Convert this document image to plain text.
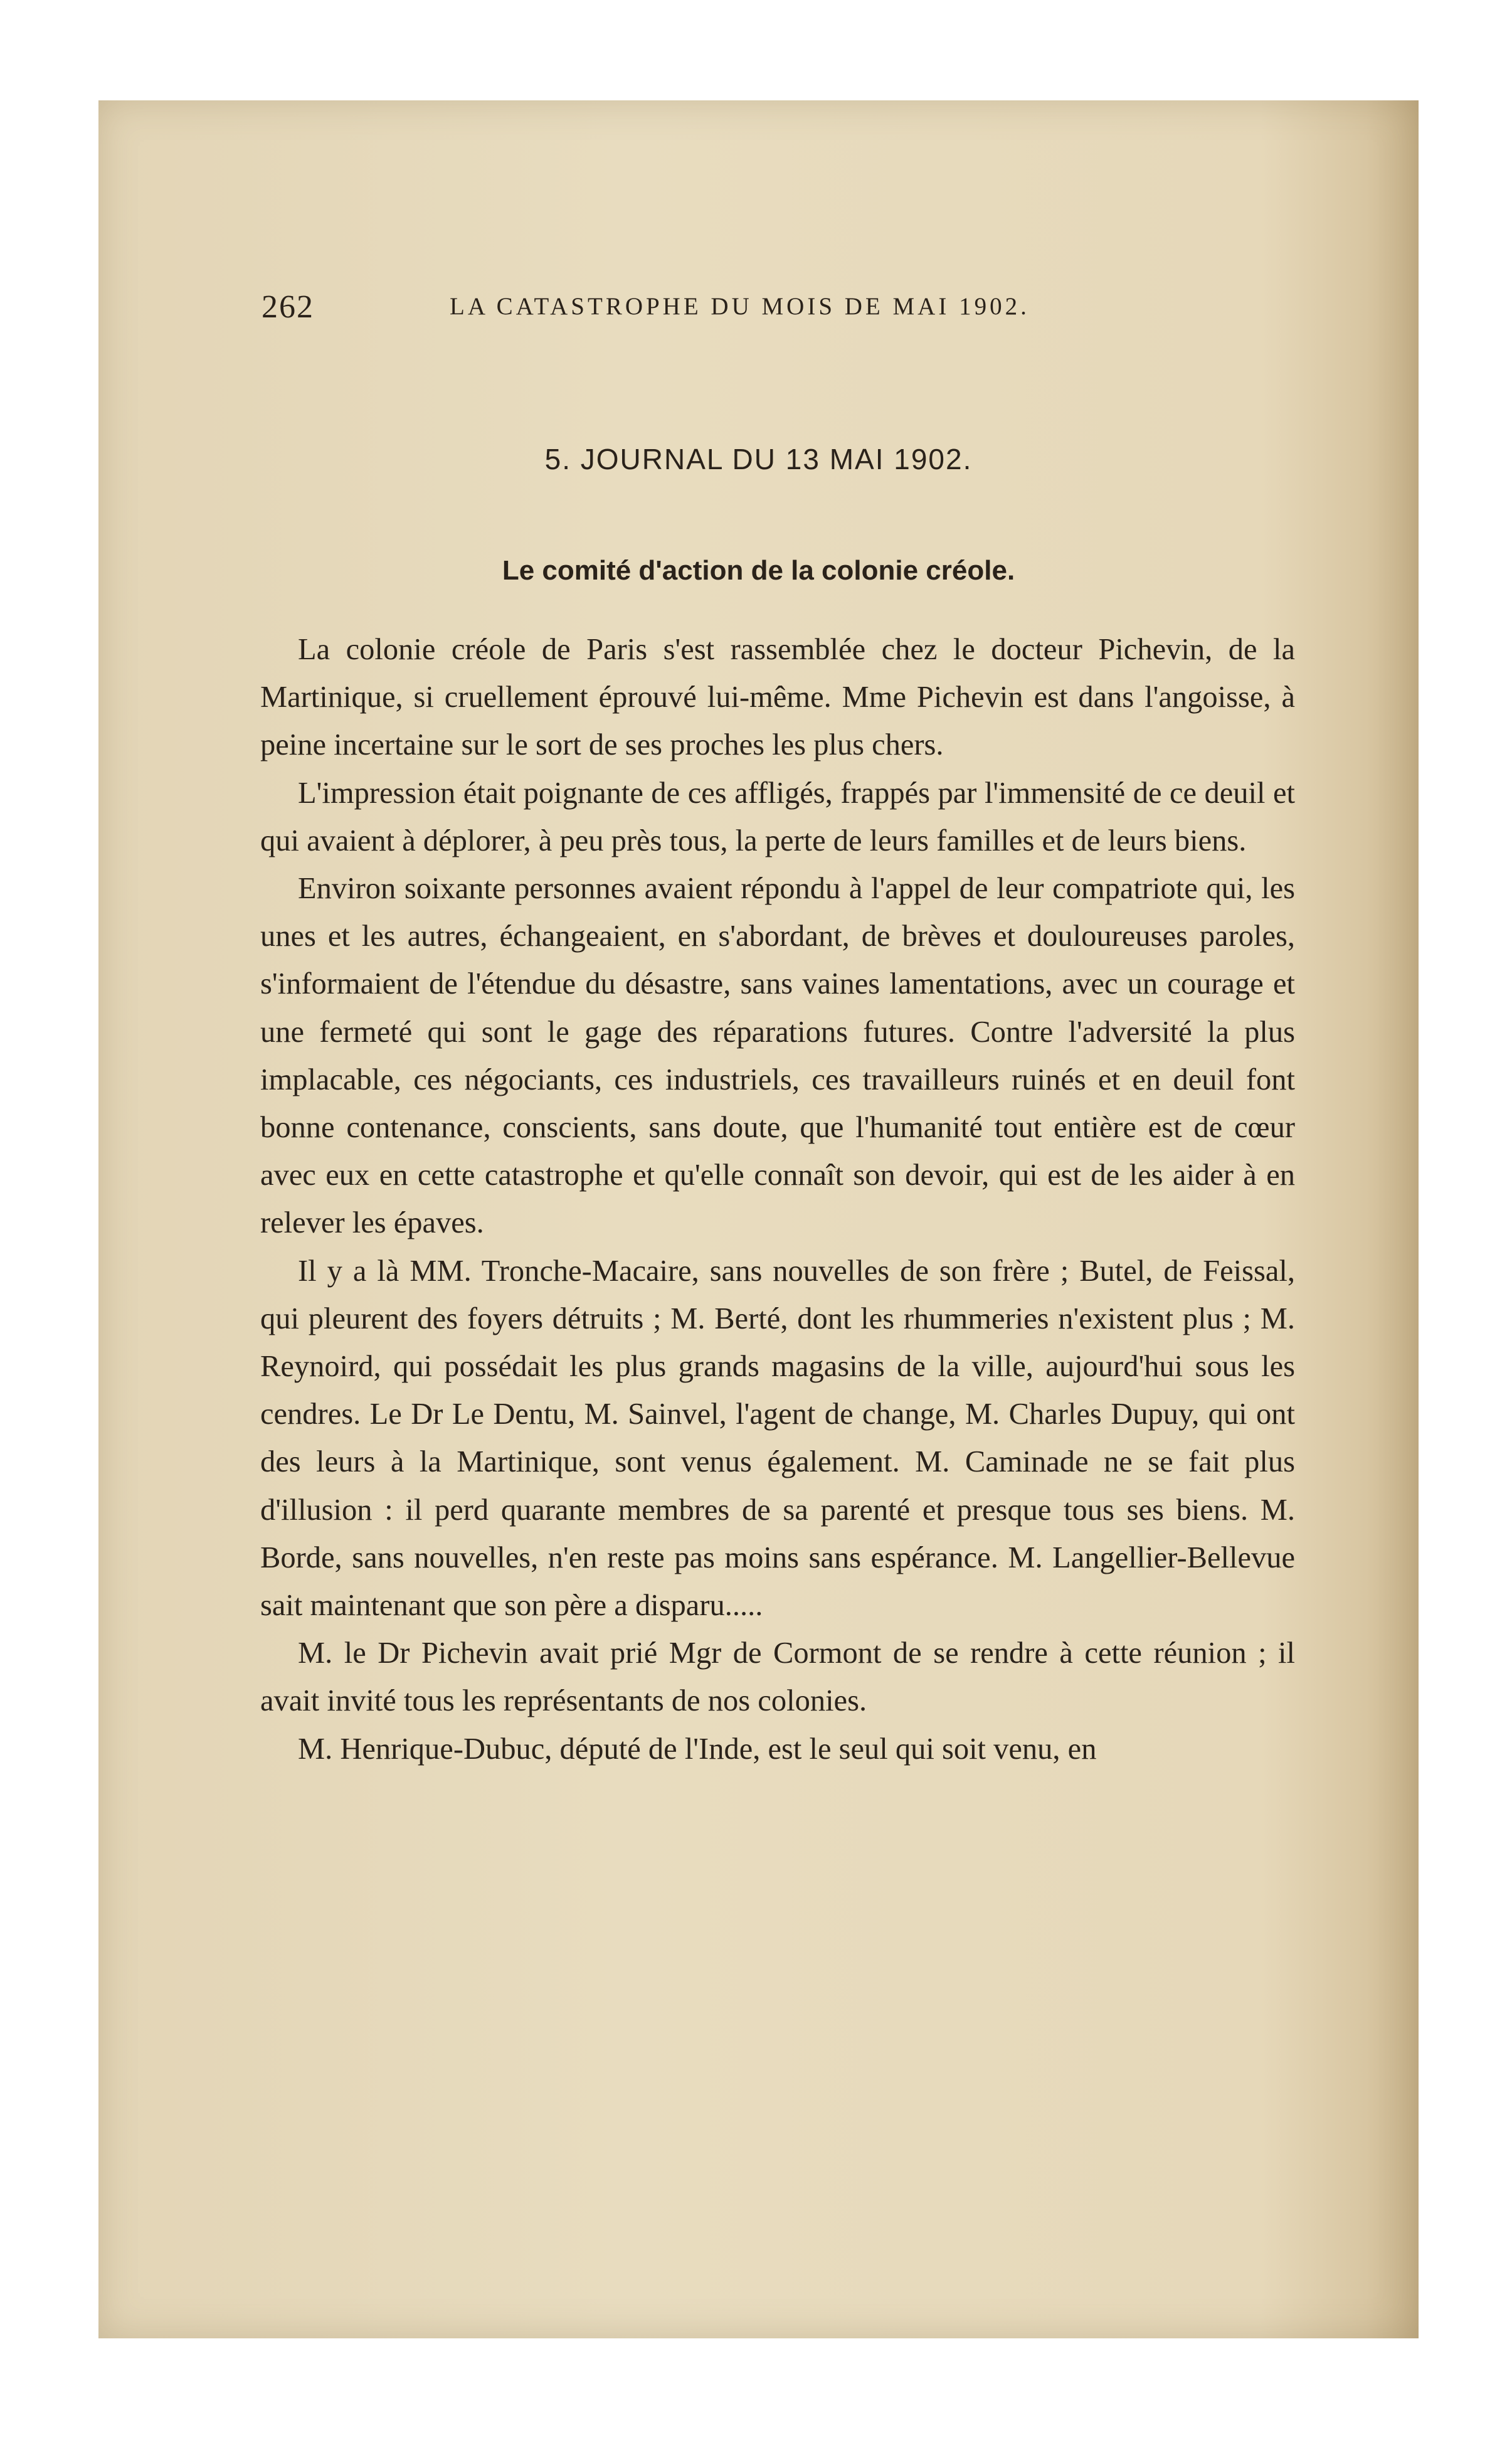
262	LA CATASTROPHE DU MOIS DE MAI 1902.
5. JOURNAL DU 13 MAI 1902.
Le comité d'action de la colonie créole.

La colonie créole de Paris s'est rassemblée chez le docteur Pichevin, de la Martinique, si cruellement éprouvé lui-même. Mme Pichevin est dans l'angoisse, à peine incertaine sur le sort de ses proches les plus chers.

L'impression était poignante de ces affligés, frappés par l'immensité de ce deuil et qui avaient à déplorer, à peu près tous, la perte de leurs familles et de leurs biens.

Environ soixante personnes avaient répondu à l'appel de leur compatriote qui, les unes et les autres, échangeaient, en s'abordant, de brèves et douloureuses paroles, s'informaient de l'étendue du désastre, sans vaines lamentations, avec un courage et une fermeté qui sont le gage des réparations futures. Contre l'adversité la plus implacable, ces négociants, ces industriels, ces travailleurs ruinés et en deuil font bonne contenance, conscients, sans doute, que l'humanité tout entière est de cœur avec eux en cette catastrophe et qu'elle connaît son devoir, qui est de les aider à en relever les épaves.

Il y a là MM. Tronche-Macaire, sans nouvelles de son frère ; Butel, de Feissal, qui pleurent des foyers détruits ; M. Berté, dont les rhummeries n'existent plus ; M. Reynoird, qui possédait les plus grands magasins de la ville, aujourd'hui sous les cendres. Le Dr Le Dentu, M. Sainvel, l'agent de change, M. Charles Dupuy, qui ont des leurs à la Martinique, sont venus également. M. Caminade ne se fait plus d'illusion : il perd quarante membres de sa parenté et presque tous ses biens. M. Borde, sans nouvelles, n'en reste pas moins sans espérance. M. Langellier-Bellevue sait maintenant que son père a disparu.....

M. le Dr Pichevin avait prié Mgr de Cormont de se rendre à cette réunion ; il avait invité tous les représentants de nos colonies.

M. Henrique-Dubuc, député de l'Inde, est le seul qui soit venu, en
